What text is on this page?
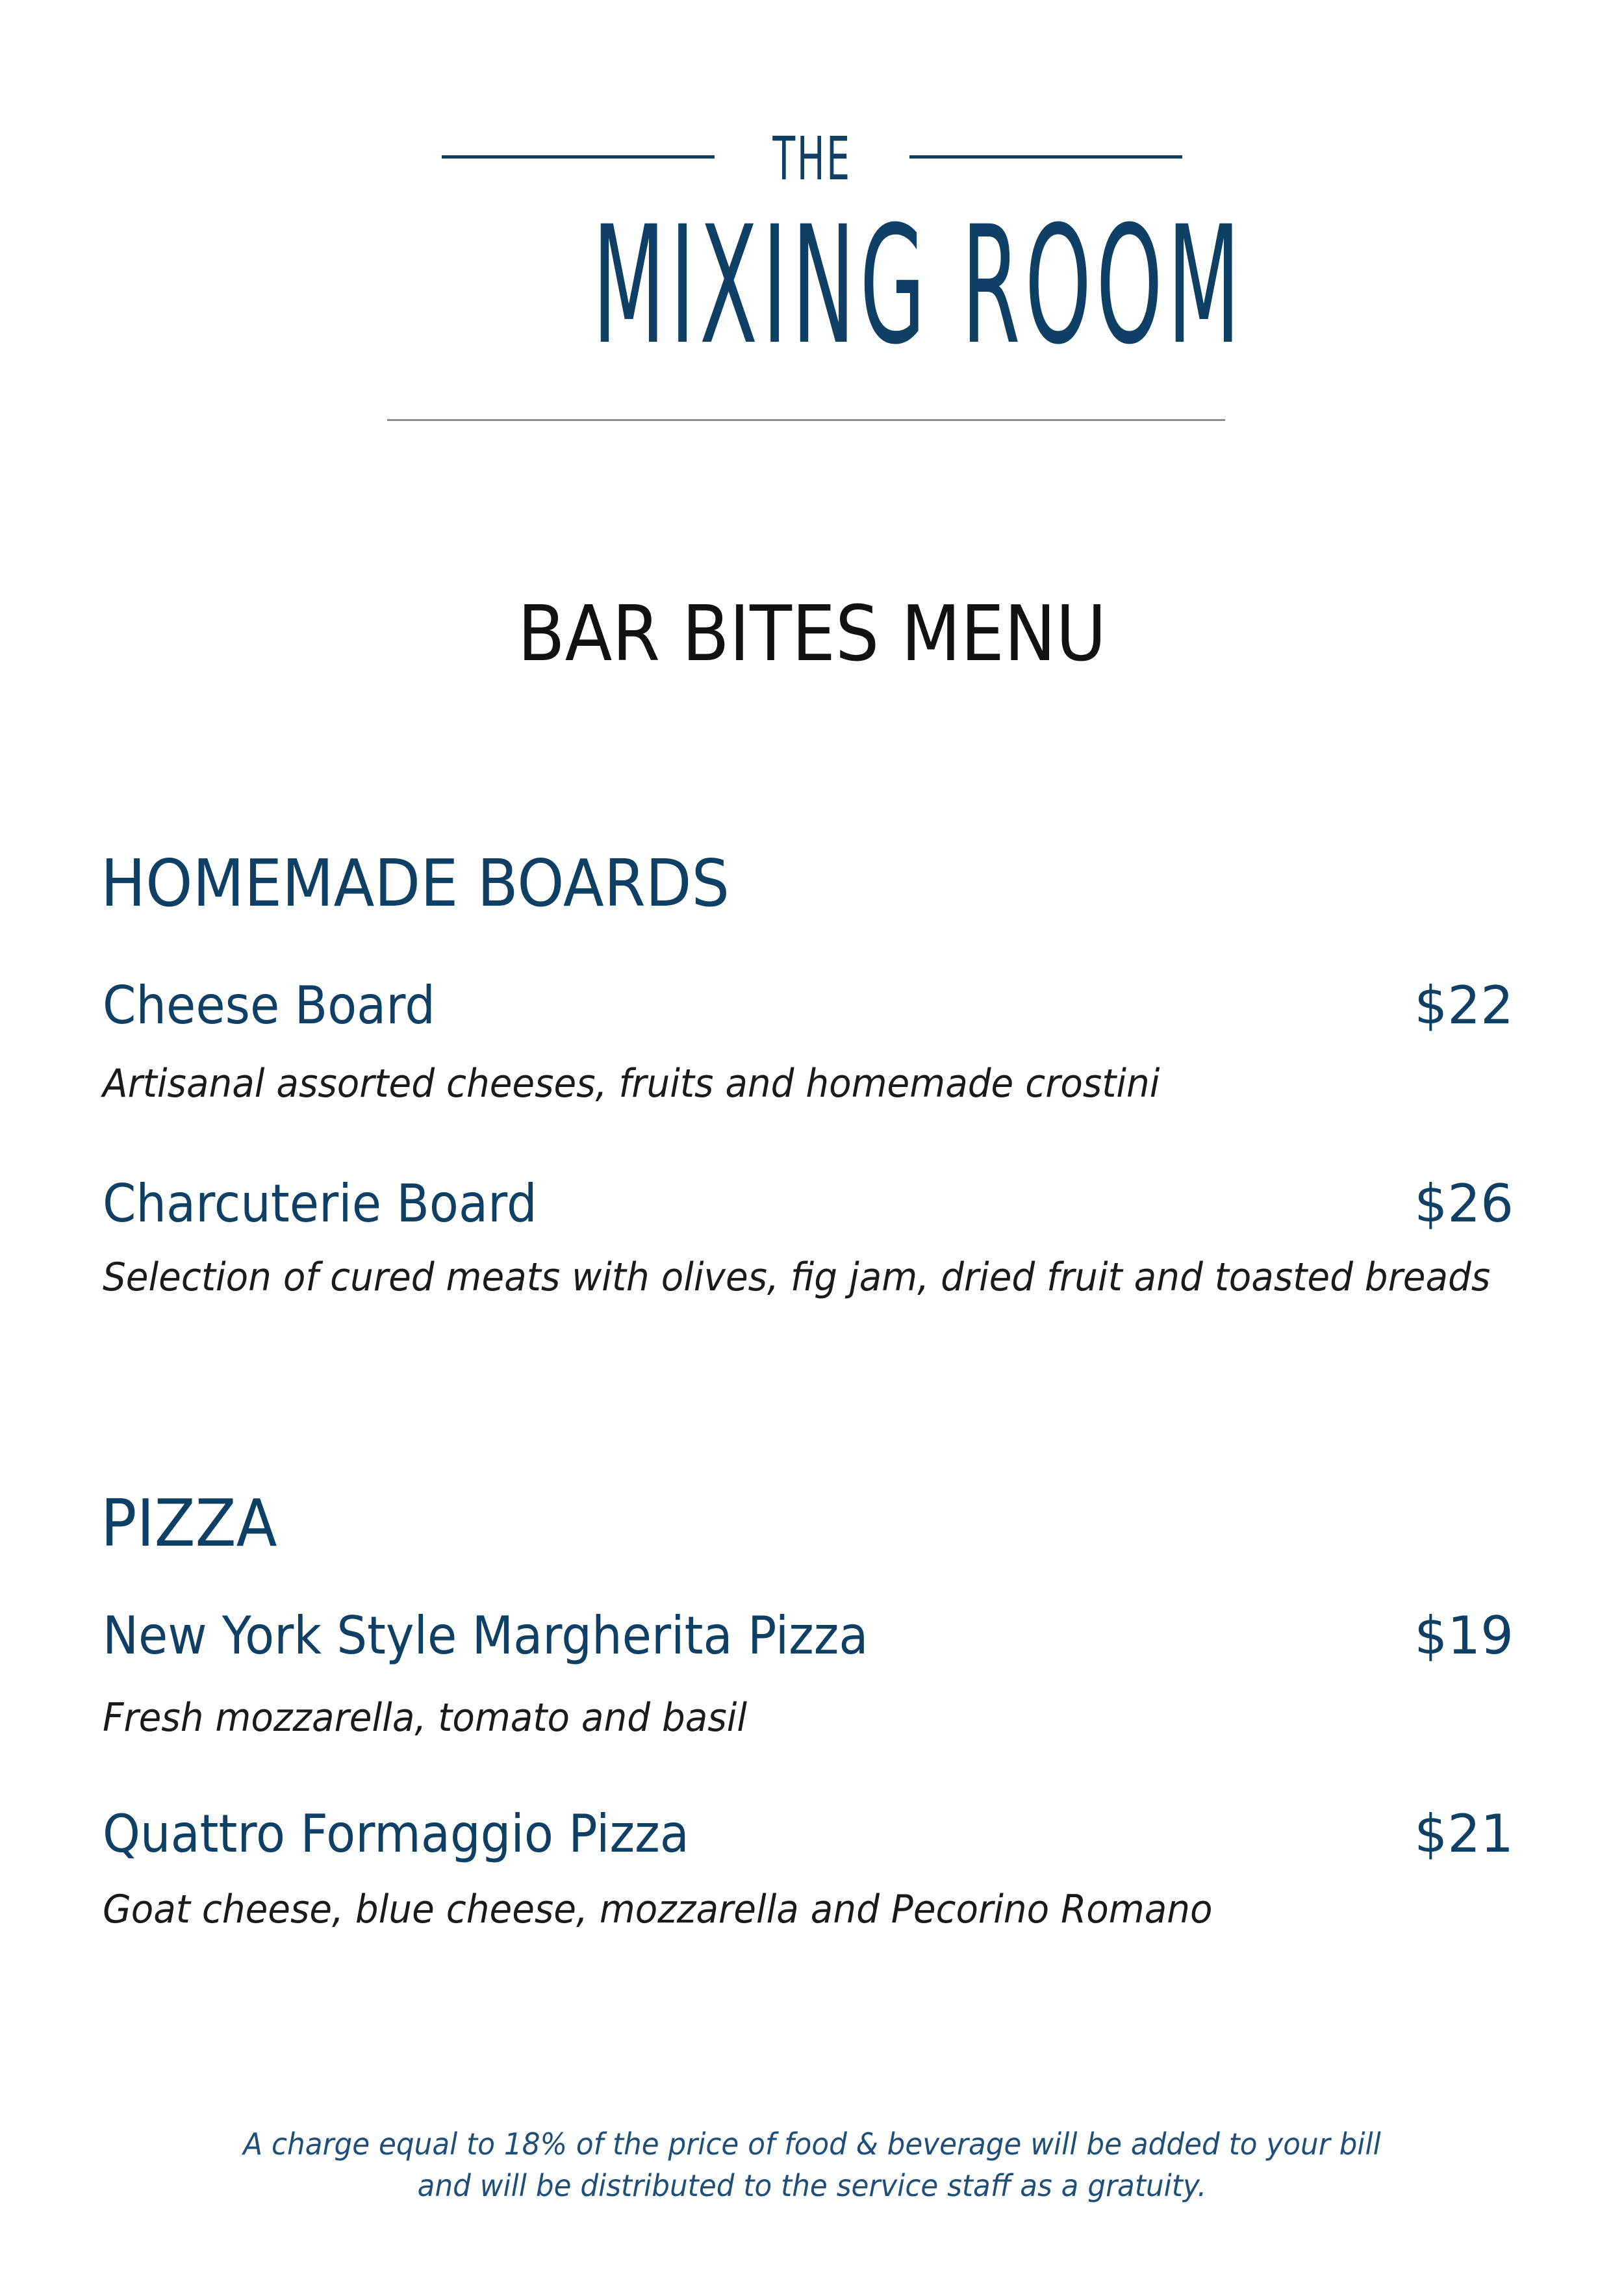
THE
MIXING ROOM
BAR BITES MENU
HOMEMADE BOARDS
Cheese Board	$22
Artisanal assorted cheeses, fruits and homemade crostini
Charcuterie Board	$26
Selection of cured meats with olives, fig jam, dried fruit and toasted breads
PIZZA
New York Style Margherita Pizza	$19
Fresh mozzarella, tomato and basil
Quattro Formaggio Pizza	$21
Goat cheese, blue cheese, mozzarella and Pecorino Romano
A charge equal to 18% of the price of food & beverage will be added to your bill
and will be distributed to the service staff as a gratuity.
